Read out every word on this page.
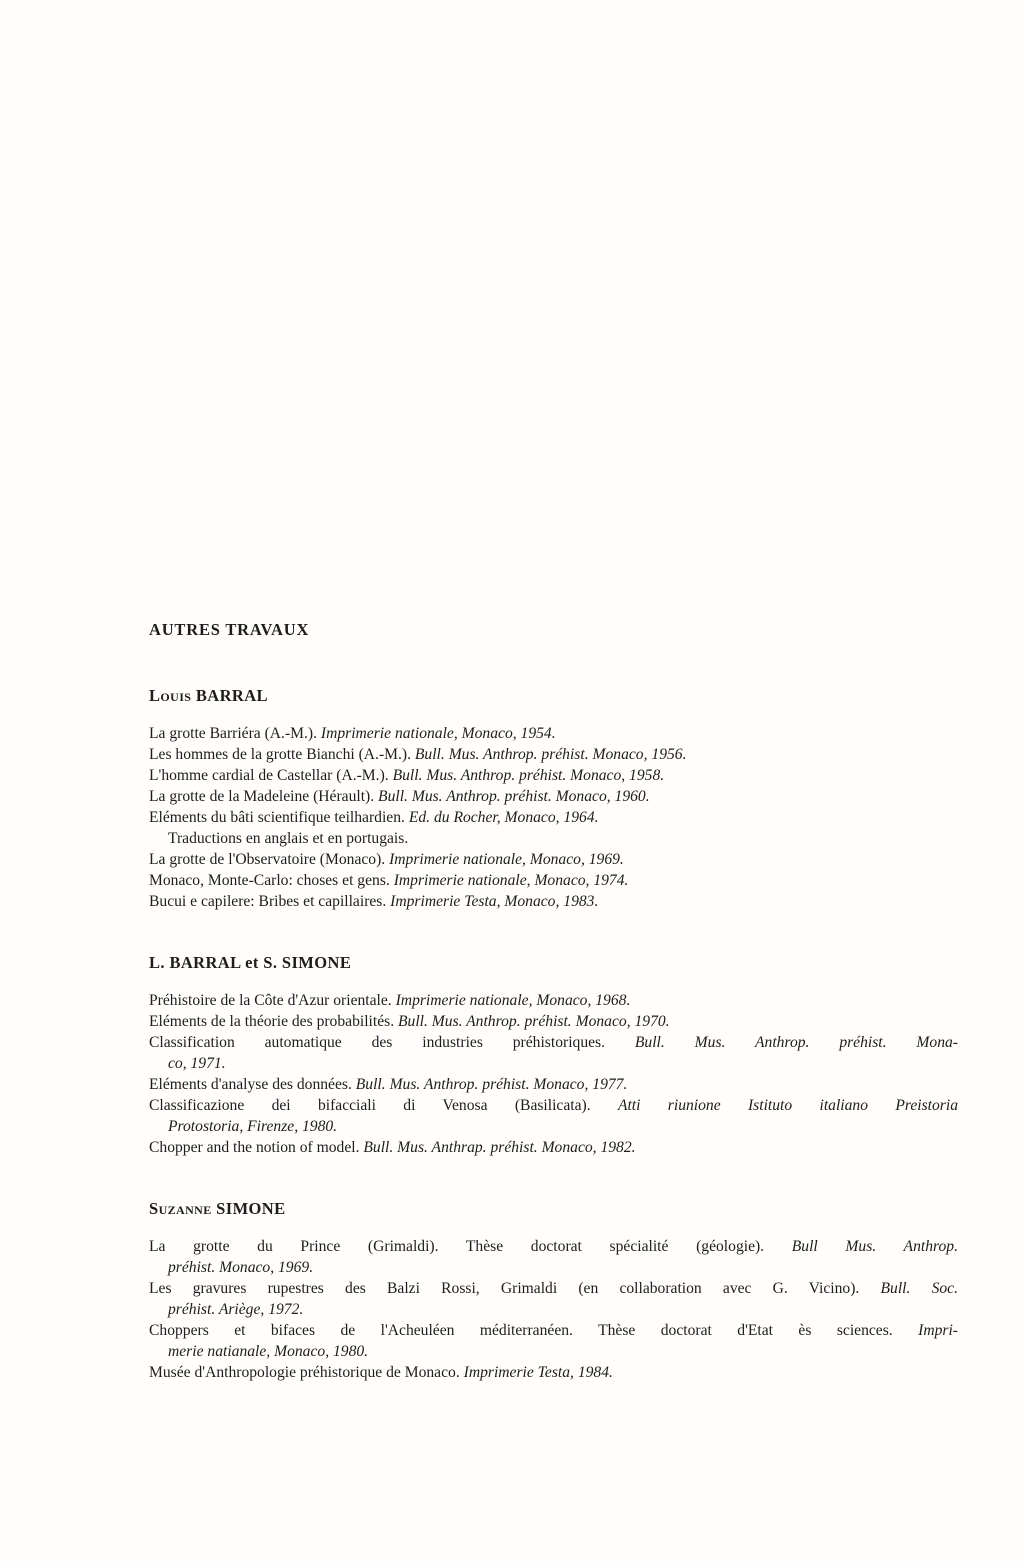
AUTRES TRAVAUX
Louis BARRAL
La grotte Barriéra (A.-M.). Imprimerie nationale, Monaco, 1954.
Les hommes de la grotte Bianchi (A.-M.). Bull. Mus. Anthrop. préhist. Monaco, 1956.
L'homme cardial de Castellar (A.-M.). Bull. Mus. Anthrop. préhist. Monaco, 1958.
La grotte de la Madeleine (Hérault). Bull. Mus. Anthrop. préhist. Monaco, 1960.
Eléments du bâti scientifique teilhardien. Ed. du Rocher, Monaco, 1964.
Traductions en anglais et en portugais.
La grotte de l'Observatoire (Monaco). Imprimerie nationale, Monaco, 1969.
Monaco, Monte-Carlo: choses et gens. Imprimerie nationale, Monaco, 1974.
Bucui e capilere: Bribes et capillaires. Imprimerie Testa, Monaco, 1983.
L. BARRAL et S. SIMONE
Préhistoire de la Côte d'Azur orientale. Imprimerie nationale, Monaco, 1968.
Eléments de la théorie des probabilités. Bull. Mus. Anthrop. préhist. Monaco, 1970.
Classification automatique des industries préhistoriques. Bull. Mus. Anthrop. préhist. Mona-
co, 1971.
Eléments d'analyse des données. Bull. Mus. Anthrop. préhist. Monaco, 1977.
Classificazione dei bifacciali di Venosa (Basilicata). Atti riunione Istituto italiano Preistoria
Protostoria, Firenze, 1980.
Chopper and the notion of model. Bull. Mus. Anthrap. préhist. Monaco, 1982.
Suzanne SIMONE
La grotte du Prince (Grimaldi). Thèse doctorat spécialité (géologie). Bull Mus. Anthrop.
préhist. Monaco, 1969.
Les gravures rupestres des Balzi Rossi, Grimaldi (en collaboration avec G. Vicino). Bull. Soc.
préhist. Ariège, 1972.
Choppers et bifaces de l'Acheuléen méditerranéen. Thèse doctorat d'Etat ès sciences. Impri-
merie natianale, Monaco, 1980.
Musée d'Anthropologie préhistorique de Monaco. Imprimerie Testa, 1984.
